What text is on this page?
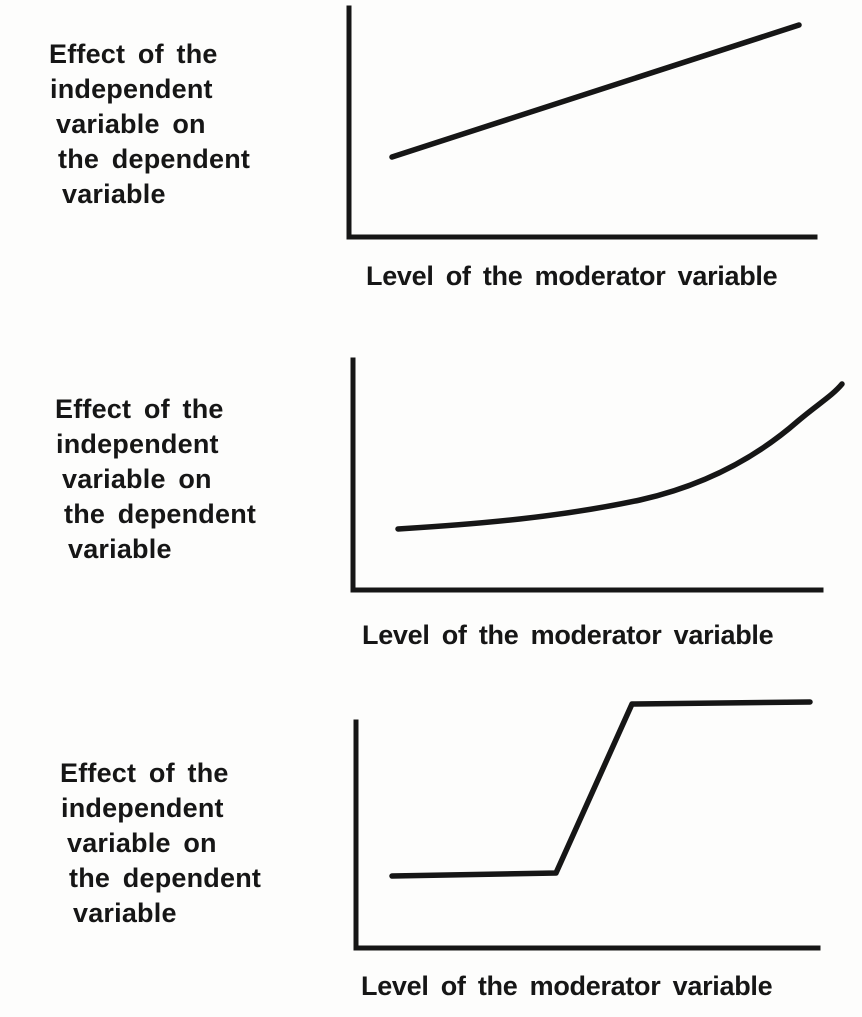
Effect of the
independent
variable on
the dependent
variable
Effect of the
independent
variable on
the dependent
variable
Effect of the
independent
variable on
the dependent
variable
Level of the moderator variable
Level of the moderator variable
Level of the moderator variable
